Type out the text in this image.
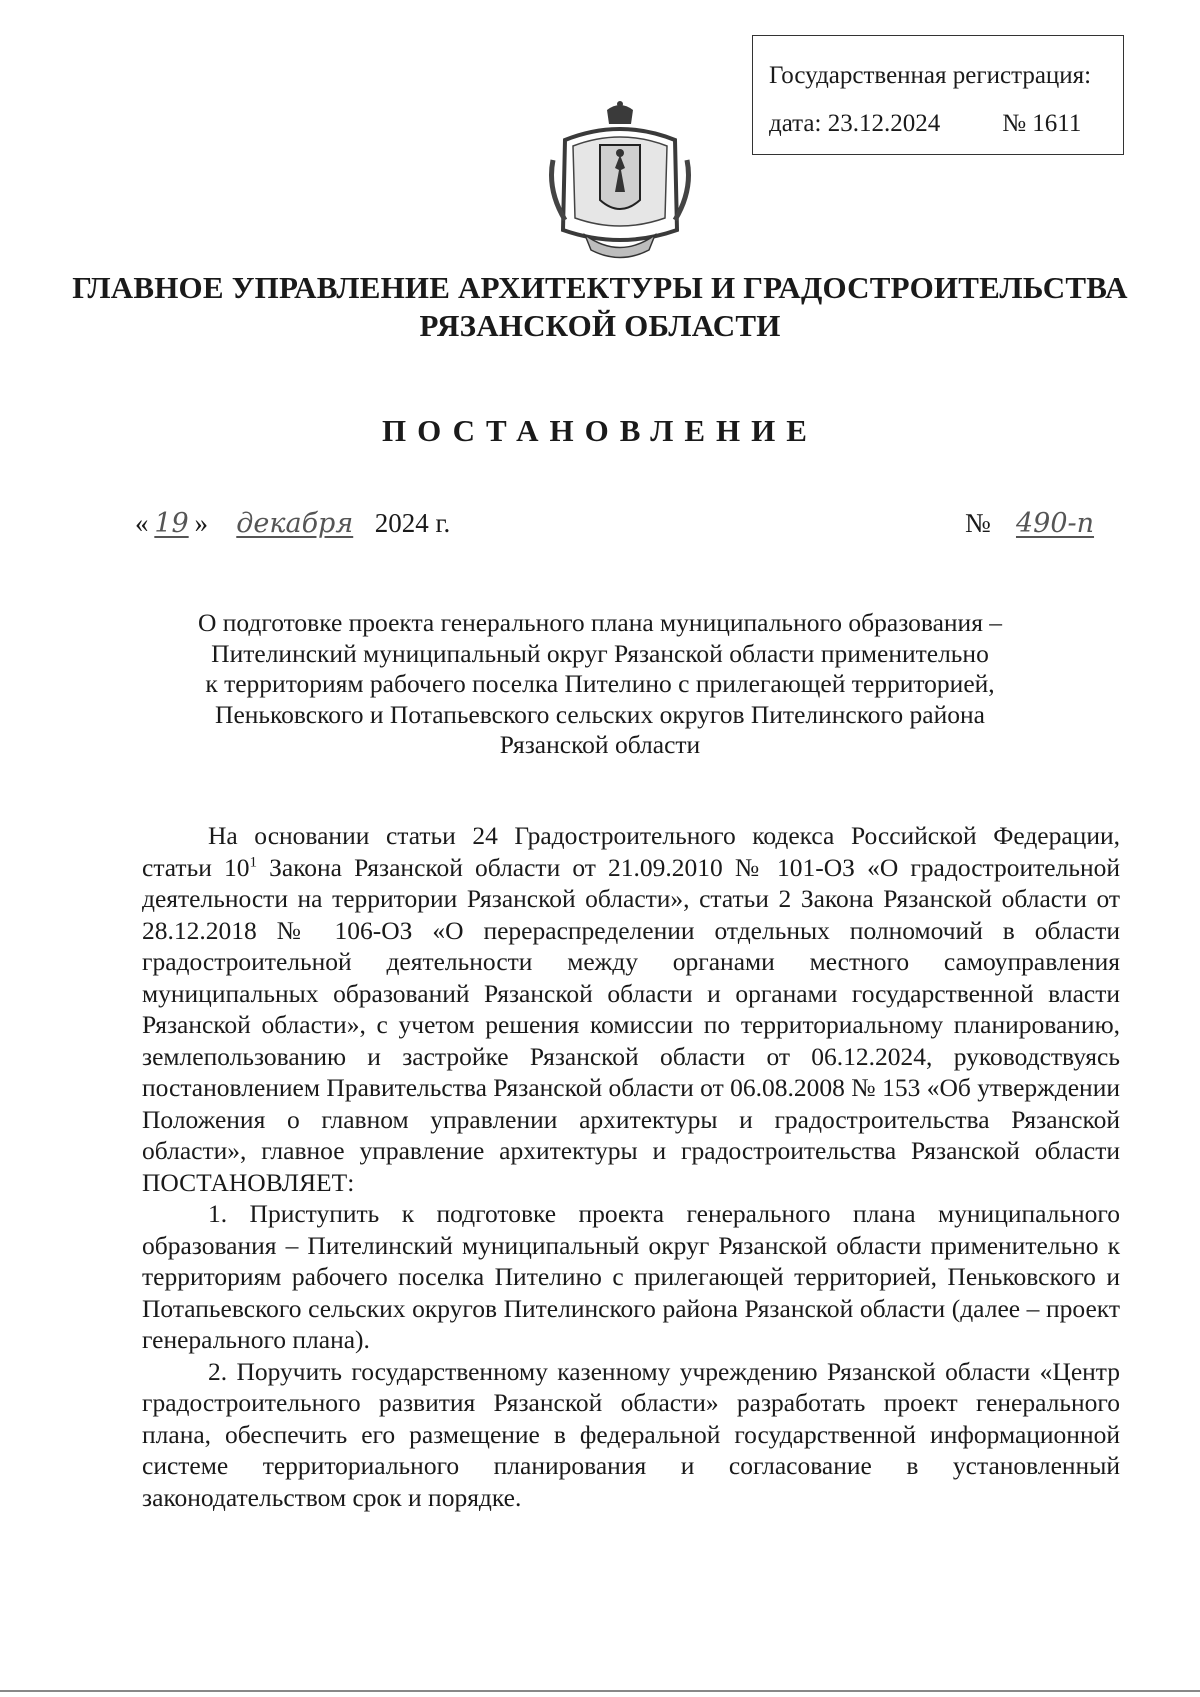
Государственная регистрация:
дата: 23.12.2024 № 1611
ГЛАВНОЕ УПРАВЛЕНИЕ АРХИТЕКТУРЫ И ГРАДОСТРОИТЕЛЬСТВА
РЯЗАНСКОЙ ОБЛАСТИ
ПОСТАНОВЛЕНИЕ
« 19 » декабря 2024 г.	№ 490-п
О подготовке проекта генерального плана муниципального образования –
Пителинский муниципальный округ Рязанской области применительно
к территориям рабочего поселка Пителино с прилегающей территорией,
Пеньковского и Потапьевского сельских округов Пителинского района
Рязанской области

На основании статьи 24 Градостроительного кодекса Российской Федерации, статьи $10^1$ Закона Рязанской области от 21.09.2010 № 101-ОЗ «О градостроительной деятельности на территории Рязанской области», статьи 2 Закона Рязанской области от 28.12.2018 № 106-ОЗ «О перераспределении отдельных полномочий в области градостроительной деятельности между органами местного самоуправления муниципальных образований Рязанской области и органами государственной власти Рязанской области», с учетом решения комиссии по территориальному планированию, землепользованию и застройке Рязанской области от 06.12.2024, руководствуясь постановлением Правительства Рязанской области от 06.08.2008 № 153 «Об утверждении Положения о главном управлении архитектуры и градостроительства Рязанской области», главное управление архитектуры и градостроительства Рязанской области ПОСТАНОВЛЯЕТ:

1. Приступить к подготовке проекта генерального плана муниципального образования – Пителинский муниципальный округ Рязанской области применительно к территориям рабочего поселка Пителино с прилегающей территорией, Пеньковского и Потапьевского сельских округов Пителинского района Рязанской области (далее – проект генерального плана).

2. Поручить государственному казенному учреждению Рязанской области «Центр градостроительного развития Рязанской области» разработать проект генерального плана, обеспечить его размещение в федеральной государственной информационной системе территориального планирования и согласование в установленный законодательством срок и порядке.
